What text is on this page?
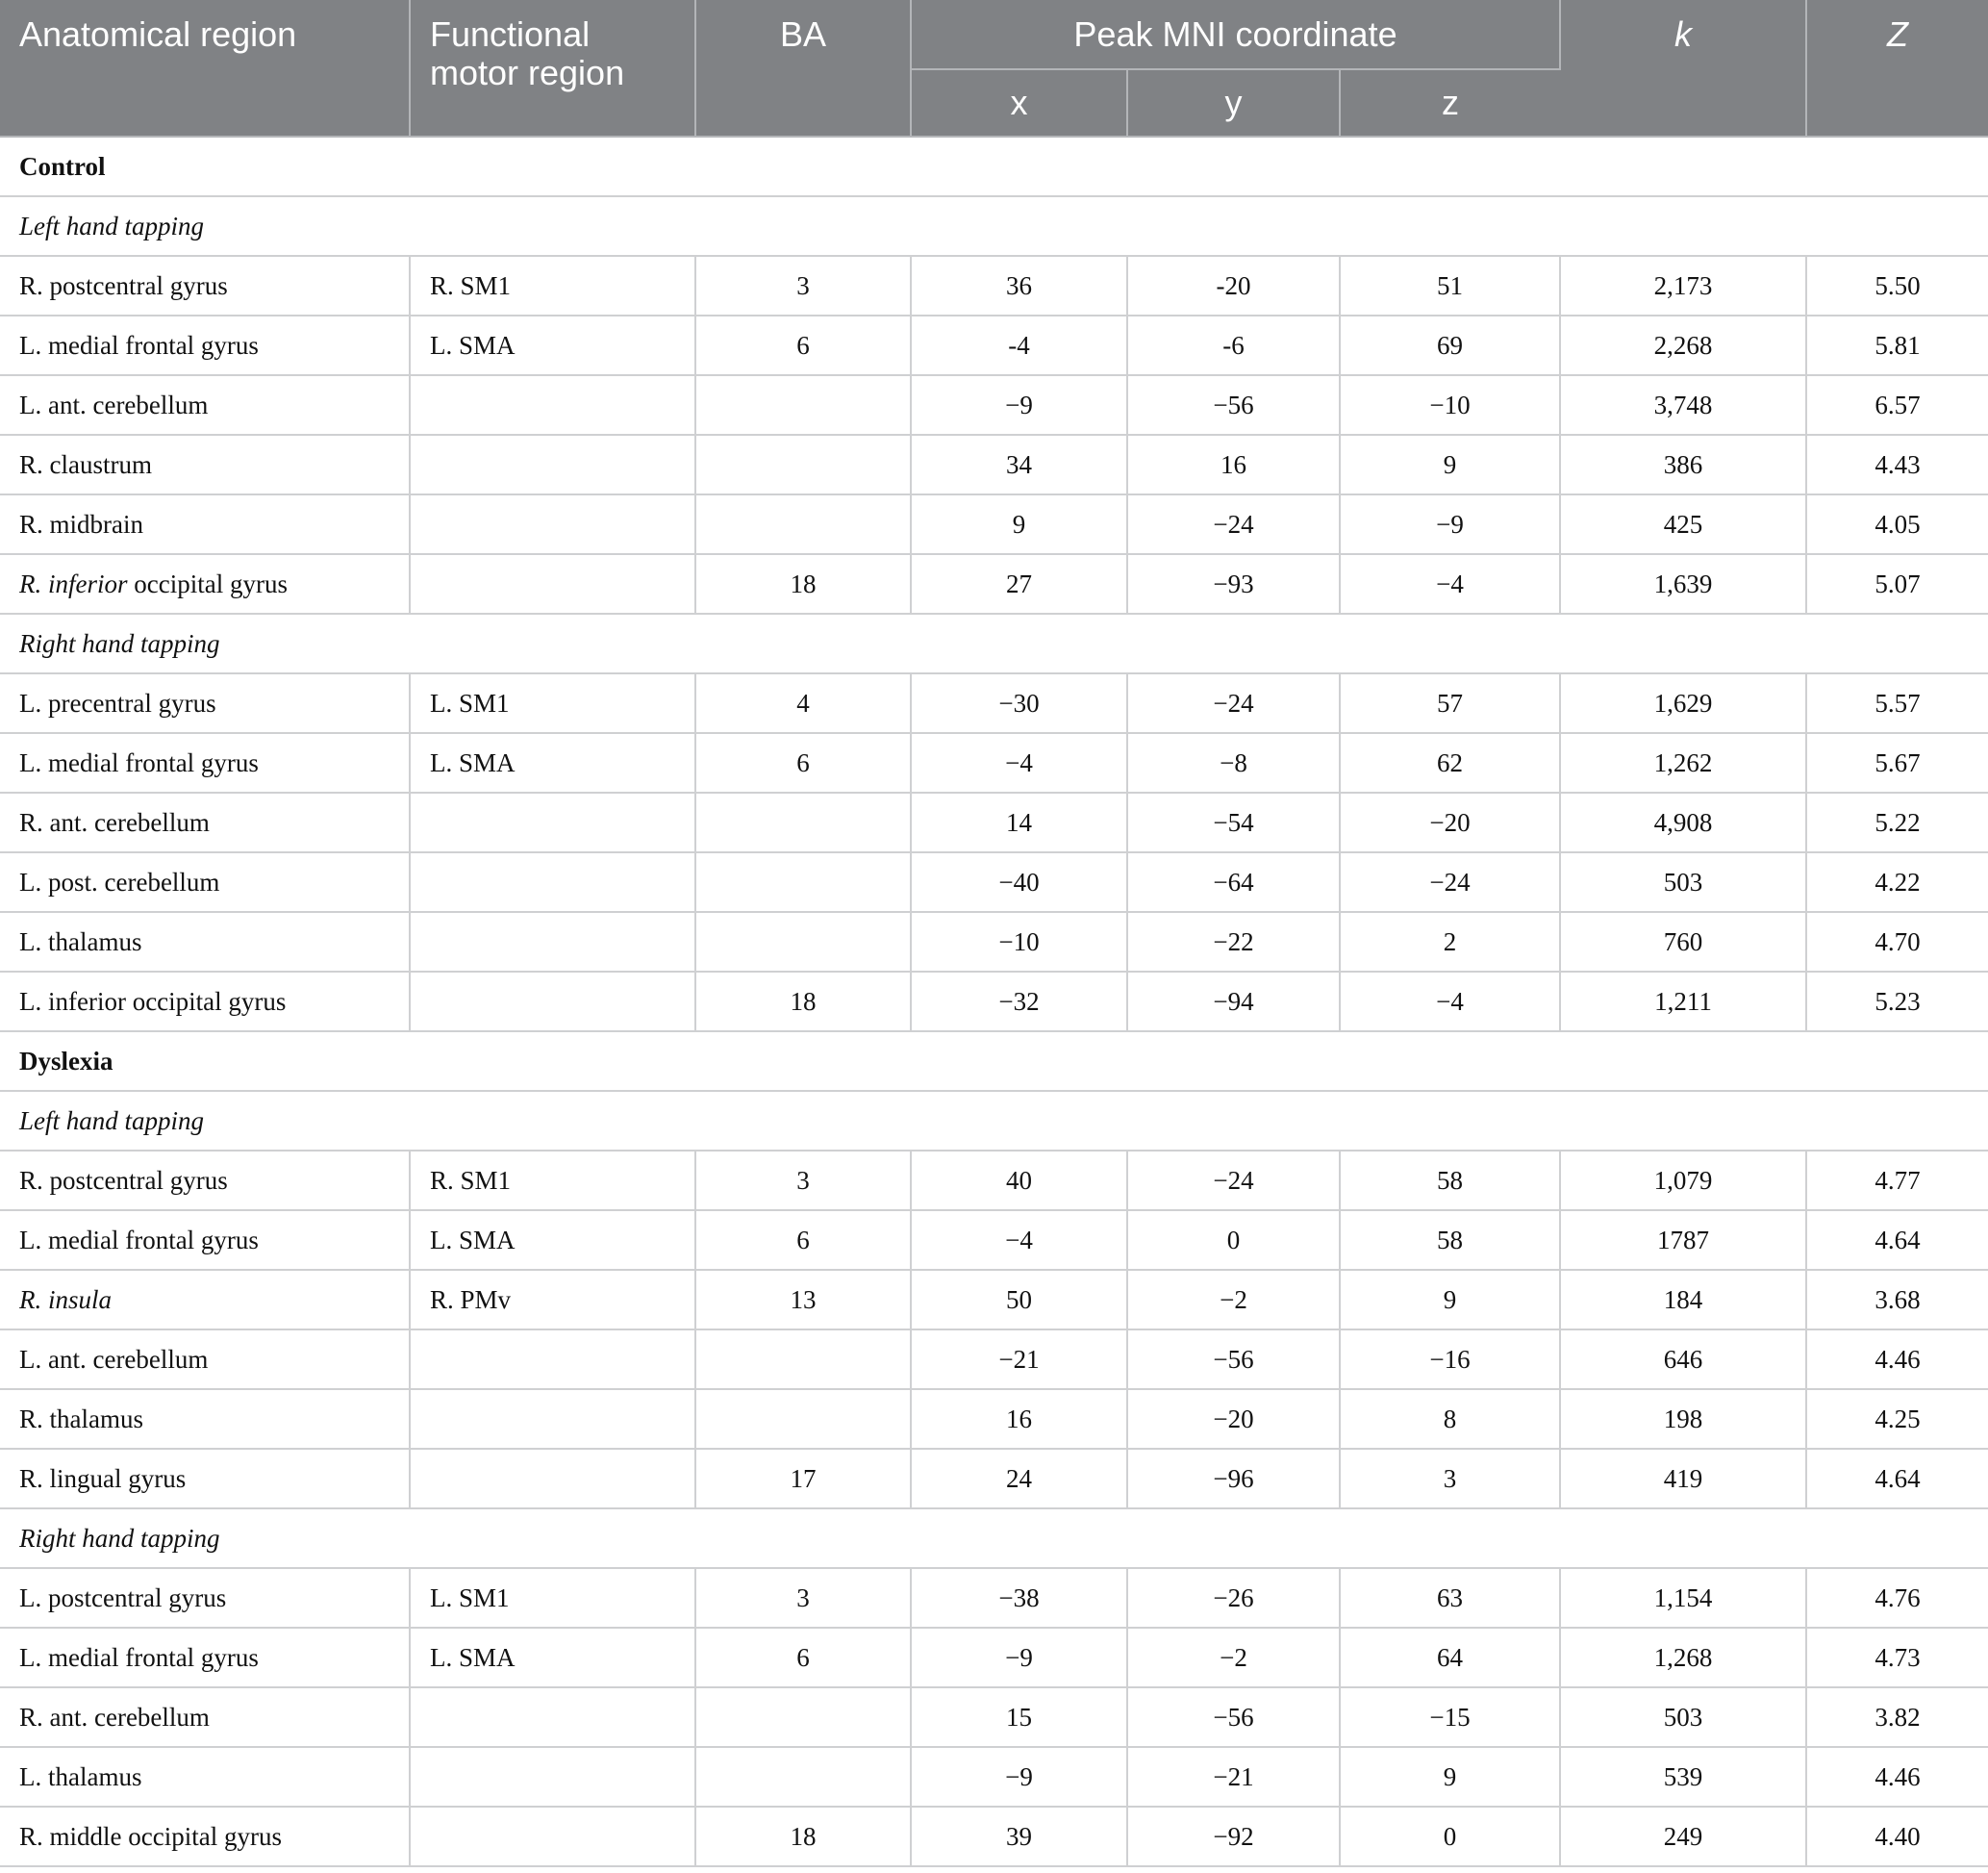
Anatomical region	Functional
motor region	BA	Peak MNI coordinate			k	Z
			x	y	z		
Control							
Left hand tapping							
R. postcentral gyrus	R. SM1	3	36	-20	51	2,173	5.50
L. medial frontal gyrus	L. SMA	6	-4	-6	69	2,268	5.81
L. ant. cerebellum			−9	−56	−10	3,748	6.57
R. claustrum			34	16	9	386	4.43
R. midbrain			9	−24	−9	425	4.05
R. inferior occipital gyrus		18	27	−93	−4	1,639	5.07
Right hand tapping							
L. precentral gyrus	L. SM1	4	−30	−24	57	1,629	5.57
L. medial frontal gyrus	L. SMA	6	−4	−8	62	1,262	5.67
R. ant. cerebellum			14	−54	−20	4,908	5.22
L. post. cerebellum			−40	−64	−24	503	4.22
L. thalamus			−10	−22	2	760	4.70
L. inferior occipital gyrus		18	−32	−94	−4	1,211	5.23
Dyslexia							
Left hand tapping							
R. postcentral gyrus	R. SM1	3	40	−24	58	1,079	4.77
L. medial frontal gyrus	L. SMA	6	−4	0	58	1787	4.64
R. insula	R. PMv	13	50	−2	9	184	3.68
L. ant. cerebellum			−21	−56	−16	646	4.46
R. thalamus			16	−20	8	198	4.25
R. lingual gyrus		17	24	−96	3	419	4.64
Right hand tapping							
L. postcentral gyrus	L. SM1	3	−38	−26	63	1,154	4.76
L. medial frontal gyrus	L. SMA	6	−9	−2	64	1,268	4.73
R. ant. cerebellum			15	−56	−15	503	3.82
L. thalamus			−9	−21	9	539	4.46
R. middle occipital gyrus		18	39	−92	0	249	4.40
